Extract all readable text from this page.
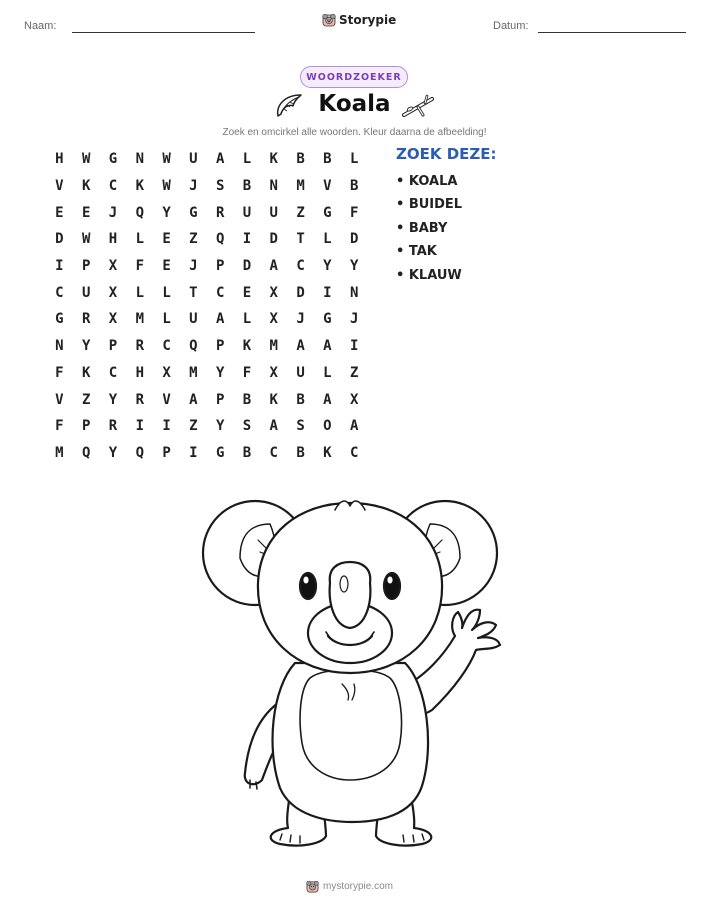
Naam:	Storypie	Datum:
WOORDZOEKER
Koala
Zoek en omcirkel alle woorden. Kleur daarna de afbeelding!
H	W	G	N	W	U	A	L	K	B	B	L
V	K	C	K	W	J	S	B	N	M	V	B
E	E	J	Q	Y	G	R	U	U	Z	G	F
D	W	H	L	E	Z	Q	I	D	T	L	D
I	P	X	F	E	J	P	D	A	C	Y	Y
C	U	X	L	L	T	C	E	X	D	I	N
G	R	X	M	L	U	A	L	X	J	G	J
N	Y	P	R	C	Q	P	K	M	A	A	I
F	K	C	H	X	M	Y	F	X	U	L	Z
V	Z	Y	R	V	A	P	B	K	B	A	X
F	P	R	I	I	Z	Y	S	A	S	O	A
M	Q	Y	Q	P	I	G	B	C	B	K	C
ZOEK DEZE:
• KOALA
• BUIDEL
• BABY
• TAK
• KLAUW
mystorypie.com
